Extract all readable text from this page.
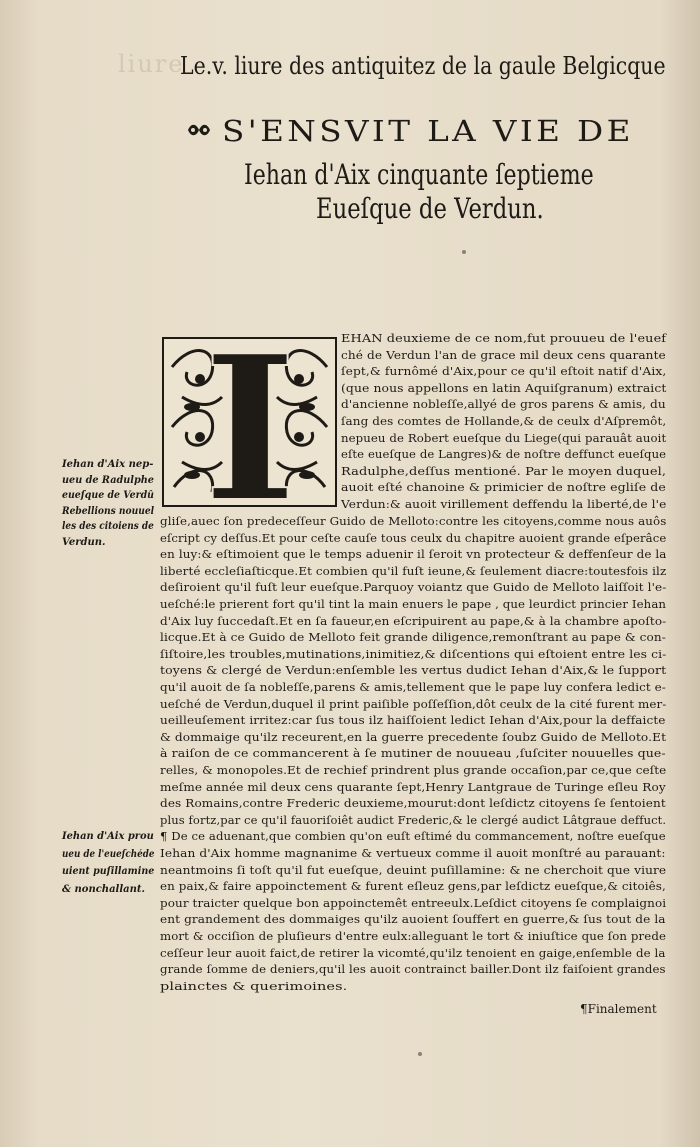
liure
Le.v. liure des antiquitez de la gaule Belgicque
S'ENSVIT LA VIE DE
Iehan d'Aix cinquante ſeptieme
Eueſque de Verdun.
I	EHAN deuxieme de ce nom,fut prouueu de l'euef
ché de Verdun l'an de grace mil deux cens quarante
ſept,& furnômé d'Aix,pour ce qu'il eſtoit natif d'Aix,
(que nous appellons en latin Aquiſgranum) extraict
d'ancienne nobleſſe,allyé de gros parens & amis, du
ſang des comtes de Hollande,& de ceulx d'Aſpremôt,
nepueu de Robert eueſque du Liege(qui parauât auoit
eſte eueſque de Langres)& de noſtre deffunct eueſque
Radulphe,deſſus mentioné. Par le moyen duquel,
auoit eſté chanoine & primicier de noſtre egliſe de
Verdun:& auoit virillement deffendu la liberté,de l'e
gliſe,auec ſon predeceſſeur Guido de Melloto:contre les citoyens,comme nous auôs
eſcript cy deſſus.Et pour ceſte cauſe tous ceulx du chapitre auoient grande eſperâce
en luy:& eſtimoient que le temps aduenir il ſeroit vn protecteur & deffenſeur de la
liberté eccleſiaſticque.Et combien qu'il fuſt ieune,& ſeulement diacre:toutesfois ilz
deſiroient qu'il fuſt leur eueſque.Parquoy voiantz que Guido de Melloto laiſſoit l'e-
ueſché:le prierent fort qu'il tint la main enuers le pape , que leurdict princier Iehan
d'Aix luy ſuccedaſt.Et en ſa faueur,en eſcripuirent au pape,& à la chambre apoſto-
licque.Et à ce Guido de Melloto feit grande diligence,remonſtrant au pape & con-
ſiſtoire,les troubles,mutinations,inimitiez,& diſcentions qui eſtoient entre les ci-
toyens & clergé de Verdun:enſemble les vertus dudict Iehan d'Aix,& le ſupport
qu'il auoit de ſa nobleſſe,parens & amis,tellement que le pape luy confera ledict e-
ueſché de Verdun,duquel il print paiſible poſſeſſion,dôt ceulx de la cité furent mer-
ueilleuſement irritez:car ſus tous ilz haiſſoient ledict Iehan d'Aix,pour la deffaicte
& dommaige qu'ilz receurent,en la guerre precedente ſoubz Guido de Melloto.Et
à raiſon de ce commancerent à ſe mutiner de nouueau ,ſuſciter nouuelles que-
relles, & monopoles.Et de rechief prindrent plus grande occaſion,par ce,que ceſte
meſme année mil deux cens quarante ſept,Henry Lantgraue de Turinge eſleu Roy
des Romains,contre Frederic deuxieme,mourut:dont leſdictz citoyens ſe ſentoient
plus fortz,par ce qu'il fauoriſoiêt audict Frederic,& le clergé audict Lâtgraue deffuct.
¶ De ce aduenant,que combien qu'on euſt eſtimé du commancement, noſtre eueſque
Iehan d'Aix homme magnanime & vertueux comme il auoit monſtré au parauant:
neantmoins ſi toſt qu'il fut eueſque, deuint puſillamine: & ne cherchoit que viure
en paix,& faire appoinctement & furent eſleuz gens,par leſdictz eueſque,& citoiês,
pour traicter quelque bon appoinctemêt entreeulx.Leſdict citoyens ſe complaignoi
ent grandement des dommaiges qu'ilz auoient ſouffert en guerre,& ſus tout de la
mort & occiſion de pluſieurs d'entre eulx:alleguant le tort & iniuſtice que ſon prede
ceſſeur leur auoit faict,de retirer la vicomté,qu'ilz tenoient en gaige,enſemble de la
grande ſomme de deniers,qu'il les auoit contrainct bailler.Dont ilz faiſoient grandes
plainctes & querimoines.
Iehan d'Aix nep-
ueu de Radulphe
eueſque de Verdû
Rebellions nouuel
les des citoiens de
Verdun.
Iehan d'Aix prou
ueu de l'eueſchéde
uient puſillamine
& nonchallant.
¶Finalement
